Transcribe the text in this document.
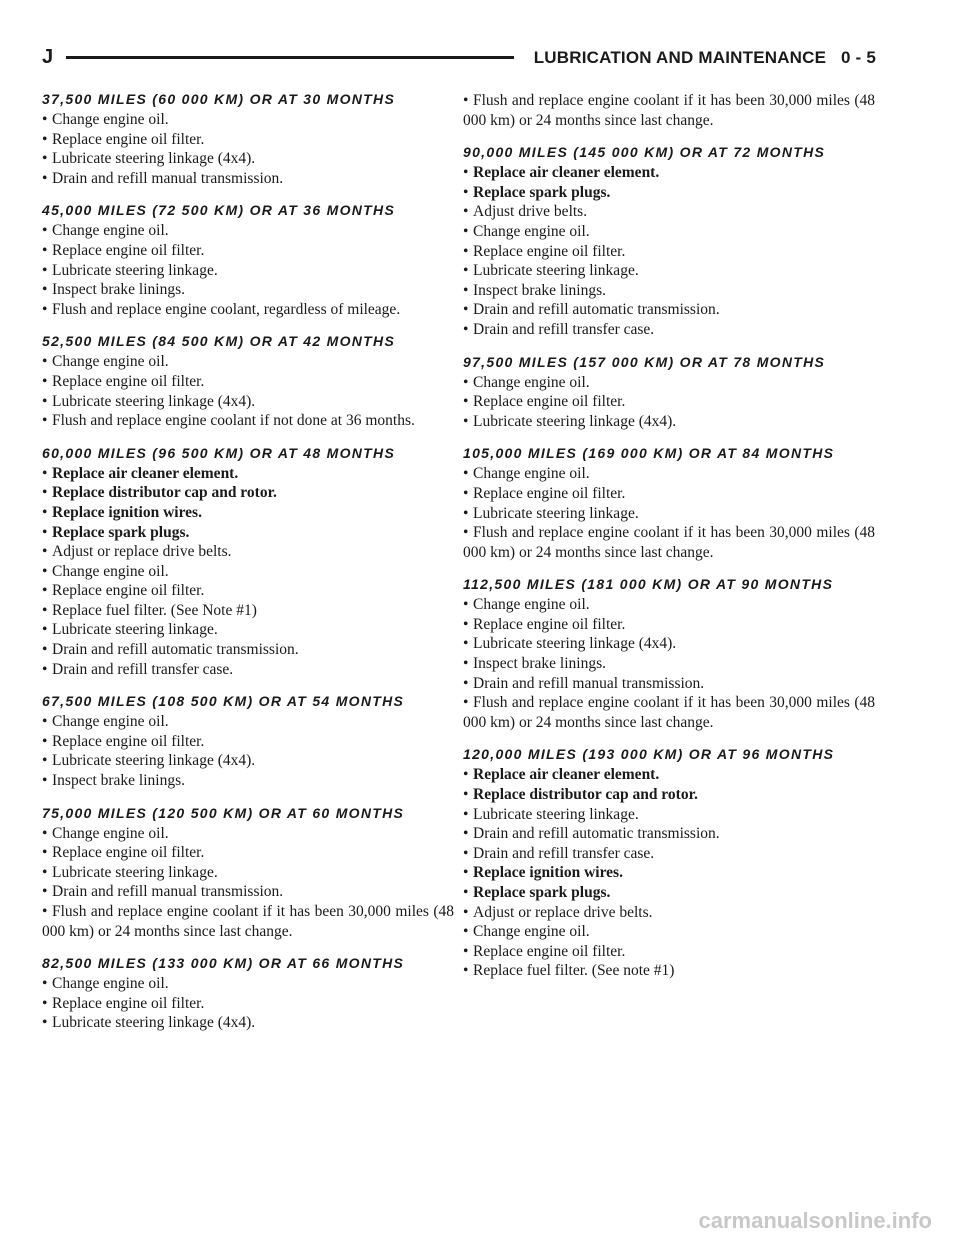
J	LUBRICATION AND MAINTENANCE 0 - 5
37,500 MILES (60 000 KM) OR AT 30 MONTHS
• Change engine oil.
• Replace engine oil filter.
• Lubricate steering linkage (4x4).
• Drain and refill manual transmission.
45,000 MILES (72 500 KM) OR AT 36 MONTHS
• Change engine oil.
• Replace engine oil filter.
• Lubricate steering linkage.
• Inspect brake linings.
• Flush and replace engine coolant, regardless of mileage.
52,500 MILES (84 500 KM) OR AT 42 MONTHS
• Change engine oil.
• Replace engine oil filter.
• Lubricate steering linkage (4x4).
• Flush and replace engine coolant if not done at 36 months.
60,000 MILES (96 500 KM) OR AT 48 MONTHS
• Replace air cleaner element.
• Replace distributor cap and rotor.
• Replace ignition wires.
• Replace spark plugs.
• Adjust or replace drive belts.
• Change engine oil.
• Replace engine oil filter.
• Replace fuel filter. (See Note #1)
• Lubricate steering linkage.
• Drain and refill automatic transmission.
• Drain and refill transfer case.
67,500 MILES (108 500 KM) OR AT 54 MONTHS
• Change engine oil.
• Replace engine oil filter.
• Lubricate steering linkage (4x4).
• Inspect brake linings.
75,000 MILES (120 500 KM) OR AT 60 MONTHS
• Change engine oil.
• Replace engine oil filter.
• Lubricate steering linkage.
• Drain and refill manual transmission.
• Flush and replace engine coolant if it has been 30,000 miles (48 000 km) or 24 months since last change.
82,500 MILES (133 000 KM) OR AT 66 MONTHS
• Change engine oil.
• Replace engine oil filter.
• Lubricate steering linkage (4x4).
• Flush and replace engine coolant if it has been 30,000 miles (48 000 km) or 24 months since last change.
90,000 MILES (145 000 KM) OR AT 72 MONTHS
• Replace air cleaner element.
• Replace spark plugs.
• Adjust drive belts.
• Change engine oil.
• Replace engine oil filter.
• Lubricate steering linkage.
• Inspect brake linings.
• Drain and refill automatic transmission.
• Drain and refill transfer case.
97,500 MILES (157 000 KM) OR AT 78 MONTHS
• Change engine oil.
• Replace engine oil filter.
• Lubricate steering linkage (4x4).
105,000 MILES (169 000 KM) OR AT 84 MONTHS
• Change engine oil.
• Replace engine oil filter.
• Lubricate steering linkage.
• Flush and replace engine coolant if it has been 30,000 miles (48 000 km) or 24 months since last change.
112,500 MILES (181 000 KM) OR AT 90 MONTHS
• Change engine oil.
• Replace engine oil filter.
• Lubricate steering linkage (4x4).
• Inspect brake linings.
• Drain and refill manual transmission.
• Flush and replace engine coolant if it has been 30,000 miles (48 000 km) or 24 months since last change.
120,000 MILES (193 000 KM) OR AT 96 MONTHS
• Replace air cleaner element.
• Replace distributor cap and rotor.
• Lubricate steering linkage.
• Drain and refill automatic transmission.
• Drain and refill transfer case.
• Replace ignition wires.
• Replace spark plugs.
• Adjust or replace drive belts.
• Change engine oil.
• Replace engine oil filter.
• Replace fuel filter. (See note #1)
carmanualsonline.info
